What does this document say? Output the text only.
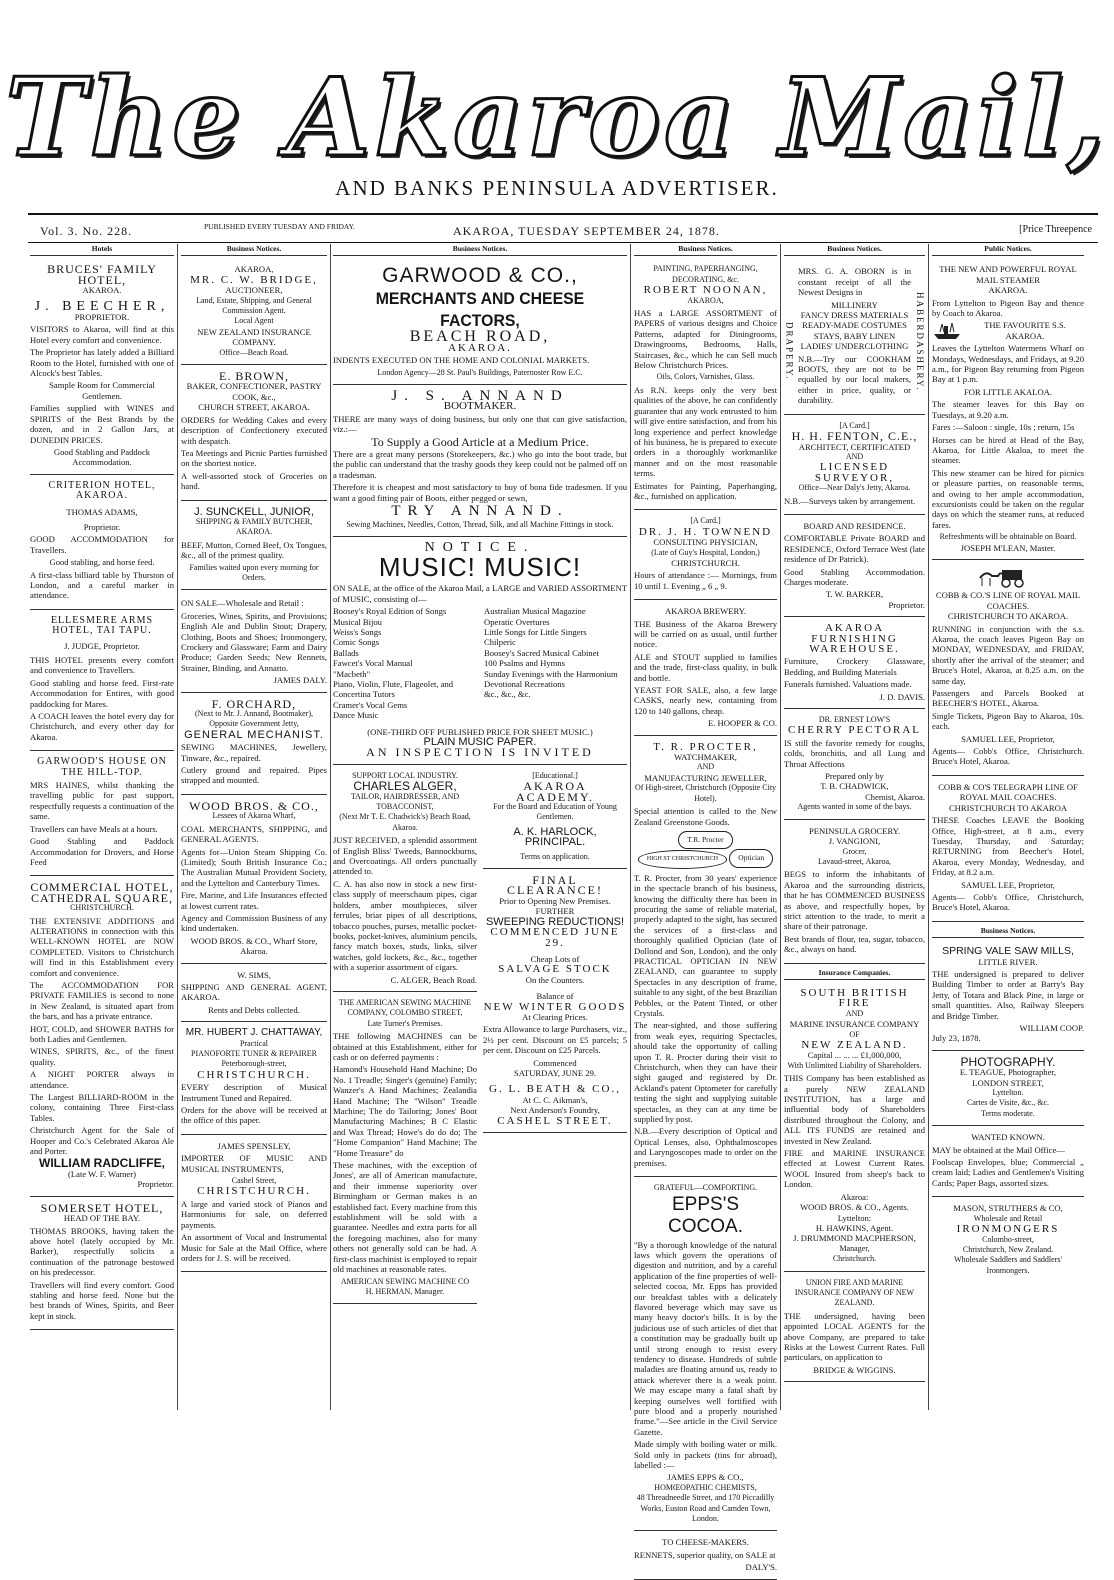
The Akaroa Mail,
AND BANKS PENINSULA ADVERTISER.
Vol. 3. No. 228.	PUBLISHED EVERY TUESDAY AND FRIDAY.	AKAROA, TUESDAY SEPTEMBER 24, 1878.	[Price Threepence
Hotels
BRUCES' FAMILY HOTEL,
AKAROA.
J. BEECHER,
PROPRIETOR.

VISITORS to Akaroa, will find at this Hotel every comfort and convenience.

The Proprietor has lately added a Billiard Room to the Hotel, furnished with one of Alcock's best Tables.

Sample Room for Commercial Gentlemen.

Families supplied with WINES and SPIRITS of the Best Brands by the dozen, and in 2 Gallon Jars, at DUNEDIN PRICES.

Good Stabling and Paddock Accommodation.
CRITERION HOTEL, AKAROA.
THOMAS ADAMS,
Proprietor.

GOOD ACCOMMODATION for Travellers.

Good stabling, and horse feed.

A first-class billiard table by Thurston of London, and a careful marker in attendance.

ELLESMERE ARMS HOTEL, TAI TAPU.
J. JUDGE, Proprietor.

THIS HOTEL presents every comfort and convenience to Travellers.

Good stabling and horse feed. First-rate Accommodation for Entires, with good paddocking for Mares.

A COACH leaves the hotel every day for Christchurch, and every other day for Akaroa.

GARWOOD'S HOUSE ON THE HILL-TOP.

MRS HAINES, whilst thanking the travelling public for past support, respectfully requests a continuation of the same.

Travellers can have Meals at a hours.

Good Stabling and Paddock Accommodation for Drovers, and Horse Feed

COMMERCIAL HOTEL, CATHEDRAL SQUARE,
CHRISTCHURCH.

THE EXTENSIVE ADDITIONS and ALTERATIONS in connection with this WELL-KNOWN HOTEL are NOW COMPLETED. Visitors to Christchurch will find in this Establishment every comfort and convenience.

The ACCOMMODATION FOR PRIVATE FAMILIES is second to none in New Zealand, is situated apart from the bars, and has a private entrance.

HOT, COLD, and SHOWER BATHS for both Ladies and Gentlemen.

WINES, SPIRITS, &c., of the finest quality.

A NIGHT PORTER always in attendance.

The Largest BILLIARD-ROOM in the colony, containing Three First-class Tables.

Christchurch Agent for the Sale of Hooper and Co.'s Celebrated Akaroa Ale and Porter.

WILLIAM RADCLIFFE,
(Late W. F. Warner)
Proprietor.
SOMERSET HOTEL,
HEAD OF THE BAY.

THOMAS BROOKS, having taken the above hotel (lately occupied by Mr. Barker), respectfully solicits a continuation of the patronage bestowed on his predecessor.

Travellers will find every comfort. Good stabling and horse feed. None but the best brands of Wines, Spirits, and Beer kept in stock.

Business Notices.
AKAROA,
MR. C. W. BRIDGE,
AUCTIONEER,
Land, Estate, Shipping, and General Commission Agent.
Local Agent
NEW ZEALAND INSURANCE COMPANY.
Office—Beach Road.
E. BROWN,
BAKER, CONFECTIONER, PASTRY COOK, &c.,
CHURCH STREET, AKAROA.

ORDERS for Wedding Cakes and every description of Confectionery executed with despatch.

Tea Meetings and Picnic Parties furnished on the shortest notice.

A well-assorted stock of Groceries on hand.

J. SUNCKELL, JUNIOR,
SHIPPING & FAMILY BUTCHER, AKAROA.

BEEF, Mutton, Corned Beef, Ox Tongues, &c., all of the primest quality.

Families waited upon every morning for Orders.

ON SALE—Wholesale and Retail :

Groceries, Wines, Spirits, and Provisions; English Ale and Dublin Stout; Drapery, Clothing, Boots and Shoes; Ironmongery, Crockery and Glassware; Farm and Dairy Produce; Garden Seeds; New Rennets, Strainer, Binding, and Annatto.

JAMES DALY.
F. ORCHARD,
(Next to Mr. J. Annand, Bootmaker), Opposite Government Jetty,
GENERAL MECHANIST.

SEWING MACHINES, Jewellery, Tinware, &c., repaired.

Cutlery ground and repaired. Pipes strapped and mounted.

WOOD BROS. & CO.,
Lessees of Akaroa Wharf,

COAL MERCHANTS, SHIPPING, and GENERAL AGENTS.

Agents for—Union Steam Shipping Co. (Limited); South British Insurance Co.; The Australian Mutual Provident Society, and the Lyttelton and Canterbury Times.

Fire, Marine, and Life Insurances effected at lowest current rates.

Agency and Commission Business of any kind undertaken.

WOOD BROS. & CO., Wharf Store, Akaroa.
W. SIMS,

SHIPPING AND GENERAL AGENT, AKAROA.

Rents and Debts collected.
MR. HUBERT J. CHATTAWAY,
Practical
PIANOFORTE TUNER & REPAIRER
Peterborough-street,
CHRISTCHURCH.

EVERY description of Musical Instrument Tuned and Repaired.

Orders for the above will be received at the office of this paper.

JAMES SPENSLEY,

IMPORTER OF MUSIC AND MUSICAL INSTRUMENTS,

Cashel Street,
CHRISTCHURCH.

A large and varied stock of Pianos and Harmoniums for sale, on deferred payments.

An assortment of Vocal and Instrumental Music for Sale at the Mail Office, where orders for J. S. will be received.

Business Notices.
GARWOOD & CO.,
MERCHANTS AND CHEESE FACTORS,
BEACH ROAD,
AKAROA.

INDENTS EXECUTED ON THE HOME AND COLONIAL MARKETS.

London Agency—28 St. Paul's Buildings, Paternoster Row E.C.
J. S. ANNAND
BOOTMAKER.

THERE are many ways of doing business, but only one that can give satisfaction, viz.:—

To Supply a Good Article at a Medium Price.

There are a great many persons (Storekeepers, &c.) who go into the boot trade, but the public can understand that the trashy goods they keep could not be palmed off on a tradesman.

Therefore it is cheapest and most satisfactory to buy of bona fide tradesmen. If you want a good fitting pair of Boots, either pegged or sewn,

TRY ANNAND.
Sewing Machines, Needles, Cotton, Thread, Silk, and all Machine Fittings in stock.
NOTICE.
MUSIC! MUSIC!

ON SALE, at the office of the Akaroa Mail, a LARGE and VARIED ASSORTMENT of MUSIC, consisting of—

Boosey's Royal Edition of Songs
Musical Bijou
Weiss's Songs
Comic Songs
Ballads
Fawcet's Vocal Manual
"Macbeth"
Piano, Violin, Flute, Flageolet, and Concertina Tutors
Cramer's Vocal Gems
Dance Music
Australian Musical Magazine
Operatic Overtures
Little Songs for Little Singers
Chilperic
Boosey's Sacred Musical Cabinet
100 Psalms and Hymns
Sunday Evenings with the Harmonium
Devotional Recreations
&c., &c., &c.
(ONE-THIRD OFF PUBLISHED PRICE FOR SHEET MUSIC.)
PLAIN MUSIC PAPER.
AN INSPECTION IS INVITED
SUPPORT LOCAL INDUSTRY.
CHARLES ALGER,
TAILOR, HAIRDRESSER, AND TOBACCONIST,
(Next Mr T. E. Chadwick's) Beach Road, Akaroa.

JUST RECEIVED, a splendid assortment of English Bliss' Tweeds, Bannockburns, and Overcoatings. All orders punctually attended to.

C. A. has also now in stock a new first-class supply of meerschaum pipes, cigar holders, amber mouthpieces, silver ferrules, briar pipes of all descriptions, tobacco pouches, purses, metallic pocket-books, pocket-knives, aluminium pencils, fancy match boxes, studs, links, silver watches, gold lockets, &c., &c., together with a superior assortment of cigars.

C. ALGER, Beach Road.
THE AMERICAN SEWING MACHINE COMPANY, COLOMBO STREET,
Late Turner's Premises.

THE following MACHINES can be obtained at this Establishment, either for cash or on deferred payments :

Hamond's Household Hand Machine; Do No. 1 Treadle; Singer's (genuine) Family; Wanzer's A Hand Machines; Zealandia Hand Machine; The "Wilson" Treadle Machine; The do Tailoring; Jones' Boot Manufacturing Machines; B C Elastic and Wax Thread; Howe's do do do; The "Home Companion" Hand Machine; The "Home Treasure" do

These machines, with the exception of Jones', are all of American manufacture, and their immense superiority over Birmingham or German makes is an established fact. Every machine from this establishment will be sold with a guarantee. Needles and extra parts for all the foregoing machines, also for many others not generally sold can be had. A first-class machinist is employed to repair old machines at reasonable rates.

AMERICAN SEWING MACHINE CO
H. HERMAN, Manager.
[Educational.]
AKAROA ACADEMY.
For the Board and Education of Young Gentlemen.
A. K. HARLOCK, PRINCIPAL.
Terms on application.
FINAL CLEARANCE!
Prior to Opening New Premises.
FURTHER
SWEEPING REDUCTIONS!
COMMENCED JUNE 29.
Cheap Lots of
SALVAGE STOCK
On the Counters.
Balance of
NEW WINTER GOODS
At Clearing Prices.

Extra Allowance to large Purchasers, viz., 2½ per cent. Discount on £5 parcels; 5 per cent. Discount on £25 Parcels.

Commenced
SATURDAY, JUNE 29.
G. L. BEATH & CO.,
At C. C. Aikman's,
Next Anderson's Foundry,
CASHEL STREET.
Business Notices.
PAINTING, PAPERHANGING, DECORATING, &c.
ROBERT NOONAN,
AKAROA,

HAS a LARGE ASSORTMENT of PAPERS of various designs and Choice Patterns, adapted for Diningrooms, Drawingrooms, Bedrooms, Halls, Staircases, &c., which he can Sell much Below Christchurch Prices.

Oils, Colors, Varnishes, Glass.

As R.N. keeps only the very best qualities of the above, he can confidently guarantee that any work entrusted to him will give entire satisfaction, and from his long experience and perfect knowledge of his business, he is prepared to execute orders in a thoroughly workmanlike manner and on the most reasonable terms.

Estimates for Painting, Paperhanging, &c., furnished on application.

[A Card.]
DR. J. H. TOWNEND
CONSULTING PHYSICIAN,
(Late of Guy's Hospital, London,)
CHRISTCHURCH.

Hours of attendance :— Mornings, from 10 until 1. Evening „ 6 „ 9.

AKAROA BREWERY.

THE Business of the Akaroa Brewery will be carried on as usual, until further notice.

ALE and STOUT supplied to families and the trade, first-class quality, in bulk and bottle.

YEAST FOR SALE, also, a few large CASKS, nearly new, containing from 120 to 140 gallons, cheap.

E. HOOPER & CO.
T. R. PROCTER,
WATCHMAKER,
AND
MANUFACTURING JEWELLER,
Of High-street, Christchurch (Opposite City Hotel).

Special attention is called to the New Zealand Greenstone Goods.

T.R. Procter HIGH ST CHRISTCHURCH	Optician

T. R. Procter, from 30 years' experience in the spectacle branch of his business, knowing the difficulty there has been in procuring the same of reliable material, properly adapted to the sight, has secured the services of a first-class and thoroughly qualified Optician (late of Dollond and Son, London), and the only PRACTICAL OPTICIAN IN NEW ZEALAND, can guarantee to supply Spectacles in any description of frame, suitable to any sight, of the best Brazilian Pebbles, or the Patent Tinted, or other Crystals.

The near-sighted, and those suffering from weak eyes, requiring Spectacles, should take the opportunity of calling upon T. R. Procter during their visit to Christchurch, when they can have their sight gauged and registered by Dr. Ackland's patent Optometer for carefully testing the sight and supplying suitable spectacles, as they can at any time be supplied by post.

N.B.—Every description of Optical and Optical Lenses, also, Ophthalmoscopes and Laryngoscopes made to order on the premises.

GRATEFUL—COMFORTING.
EPPS'S COCOA.

"By a thorough knowledge of the natural laws which govern the operations of digestion and nutrition, and by a careful application of the fine properties of well-selected cocoa, Mr. Epps has provided our breakfast tables with a delicately flavored beverage which may save us many heavy doctor's bills. It is by the judicious use of such articles of diet that a constitution may be gradually built up until strong enough to resist every tendency to disease. Hundreds of subtle maladies are floating around us, ready to attack wherever there is a weak point. We may escape many a fatal shaft by keeping ourselves well fortified with pure blood and a properly nourished frame."—See article in the Civil Service Gazette.

Made simply with boiling water or milk. Sold only in packets (tins for abroad), labelled :—

JAMES EPPS & CO.,
HOMŒOPATHIC CHEMISTS,
48 Threadneedle Street, and 170 Piccadilly Works, Euston Road and Camden Town, London.
TO CHEESE-MAKERS.

RENNETS, superior quality, on SALE at

DALY'S.
Business Notices.
DRAPERY.	HABERDASHERY.

MRS. G. A. OBORN is in constant receipt of all the Newest Designs in

MILLINERY
FANCY DRESS MATERIALS
READY-MADE COSTUMES
STAYS, BABY LINEN
LADIES' UNDERCLOTHING

N.B.—Try our COOKHAM BOOTS, they are not to be equalled by our local makers, either in price, quality, or durability.

[A Card.]
H. H. FENTON, C.E.,
ARCHITECT, CERTIFICATED
AND
LICENSED SURVEYOR,
Office—Near Daly's Jetty, Akaroa.

N.B.—Surveys taken by arrangement.

BOARD AND RESIDENCE.

COMFORTABLE Private BOARD and RESIDENCE, Oxford Terrace West (late residence of Dr Patrick).

Good Stabling Accommodation. Charges moderate.

T. W. BARKER,
Proprietor.
AKAROA FURNISHING WAREHOUSE.

Furniture, Crockery Glassware, Bedding, and Building Materials

Funerals furnished. Valuations made.

J. D. DAVIS.
DR. ERNEST LOW'S
CHERRY PECTORAL

IS still the favorite remedy for coughs, colds, bronchitis, and all Lung and Throat Affections

Prepared only by
T. B. CHADWICK,
Chemist, Akaroa.
Agents wanted in some of the bays.
PENINSULA GROCERY.
J. VANGIONI,
Grocer,
Lavaud-street, Akaroa,

BEGS to inform the inhabitants of Akaroa and the surrounding districts, that he has COMMENCED BUSINESS as above, and respectfully hopes, by strict attention to the trade, to merit a share of their patronage.

Best brands of flour, tea, sugar, tobacco, &c., always on hand.

Insurance Companies.
SOUTH BRITISH FIRE
AND
MARINE INSURANCE COMPANY
OF
NEW ZEALAND.
Capital ... ... ... £1,000,000,
With Unlimited Liability of Shareholders.

THIS Company has been established as a purely NEW ZEALAND INSTITUTION, has a large and influential body of Shareholders distributed throughout the Colony, and ALL ITS FUNDS are retained and invested in New Zealand.

FIRE and MARINE INSURANCE effected at Lowest Current Rates. WOOL Insured from sheep's back to London.

Akaroa:
WOOD BROS. & CO., Agents.
Lyttelton:
H. HAWKINS, Agent.
J. DRUMMOND MACPHERSON,
Manager,
Christchurch.
UNION FIRE AND MARINE INSURANCE COMPANY OF NEW ZEALAND.

THE undersigned, having been appointed LOCAL AGENTS for the above Company, are prepared to take Risks at the Lowest Current Rates. Full particulars, on application to

BRIDGE & WIGGINS.
Public Notices.
THE NEW AND POWERFUL ROYAL MAIL STEAMER
AKAROA.

From Lyttelton to Pigeon Bay and thence by Coach to Akaroa.

THE FAVOURITE S.S. AKAROA.

Leaves the Lyttelton Watermens Wharf on Mondays, Wednesdays, and Fridays, at 9.20 a.m., for Pigeon Bay returning from Pigeon Bay at 1 p.m.

FOR LITTLE AKALOA.

The steamer leaves for this Bay on Tuesdays, at 9.20 a.m.

Fares :—Saloon : single, 10s ; return, 15s

Horses can be hired at Head of the Bay, Akaroa, for Little Akaloa, to meet the steamer.

This new steamer can be hired for picnics or pleasure parties, on reasonable terms, and owing to her ample accommodation, excursionists could be taken on the regular days on which the steamer runs, at reduced fares.

Refreshments will be obtainable on Board.
JOSEPH M'LEAN, Master.
COBB & CO.'S LINE OF ROYAL MAIL COACHES.
CHRISTCHURCH TO AKAROA.

RUNNING in conjunction with the s.s. Akaroa, the coach leaves Pigeon Bay on MONDAY, WEDNESDAY, and FRIDAY, shortly after the arrival of the steamer; and Bruce's Hotel, Akaroa, at 8.25 a.m. on the same day,

Passengers and Parcels Booked at BEECHER'S HOTEL, Akaroa.

Single Tickets, Pigeon Bay to Akaroa, 10s. each.

SAMUEL LEE, Proprietor,

Agents— Cobb's Office, Christchurch. Bruce's Hotel, Akaroa.

COBB & CO'S TELEGRAPH LINE OF ROYAL MAIL COACHES.
CHRISTCHURCH TO AKAROA

THESE Coaches LEAVE the Booking Office, High-street, at 8 a.m., every Tuesday, Thursday, and Saturday; RETURNING from Beecher's Hotel, Akaroa, every Monday, Wednesday, and Friday, at 8.2 a.m.

SAMUEL LEE, Proprietor,

Agents— Cobb's Office, Christchurch, Bruce's Hotel, Akaroa.

Business Notices.
SPRING VALE SAW MILLS,
LITTLE RIVER.

THE undersigned is prepared to deliver Building Timber to order at Barry's Bay Jetty, of Totara and Black Pine, in large or small quantities. Also, Railway Sleepers and Bridge Timber.

WILLIAM COOP.
July 23, 1878.
PHOTOGRAPHY.
E. TEAGUE, Photographer,
LONDON STREET,
Lyttelton.
Cartes de Visite, &c., &c.
Terms moderate.
WANTED KNOWN.

MAY be obtained at the Mail Office—

Foolscap Envelopes, blue; Commercial „ cream laid; Ladies and Gentlemen's Visiting Cards; Paper Bags, assorted sizes.

MASON, STRUTHERS & CO,
Wholesale and Retail
IRONMONGERS
Colombo-street,
Christchurch, New Zealand.
Wholesale Saddlers and Saddlers' Ironmongers.
